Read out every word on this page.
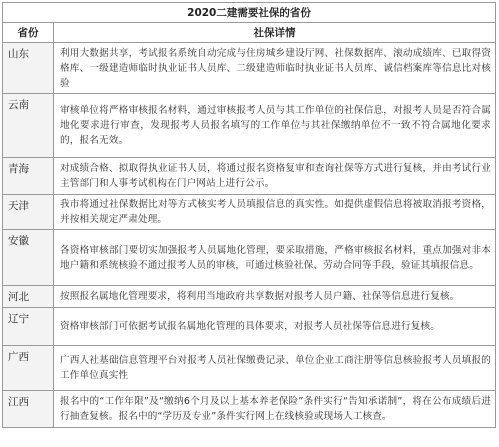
2020二建需要社保的省份	
省份	社保详情
山东	利用大数据共享，考试报名系统自动完成与住房城乡建设厅网、社保数据库、滚动成绩库、已取得资格库、一级建造师临时执业证书人员库、二级建造师临时执业证书人员库、诚信档案库等信息比对核验
云南	审核单位将严格审核报名材料，通过审核报考人员与其工作单位的社保信息，对报考人员是否符合属地化要求进行审查，发现报考人员报名填写的工作单位与其社保缴纳单位不一致不符合属地化要求的，报名无效。
青海	对成绩合格、拟取得执业证书人员，将通过报名资格复审和查询社保等方式进行复核，并由考试行业主管部门和人事考试机构在门户网站上进行公示。
天津	我市将通过社保数据比对等方式核实考人员填报信息的真实性。如提供虚假信息将被取消报考资格，并按相关规定严肃处理。
安徽	各资格审核部门要切实加强报考人员属地化管理，要采取措施，严格审核报名材料，重点加强对非本地户籍和系统核验不通过报考人员的审核，可通过核验社保、劳动合同等手段，验证其填报信息。
河北	按照报名属地化管理要求，将利用当地政府共享数据对报考人员户籍、社保等信息进行复核。
辽宁	资格审核部门可依据考试报名属地化管理的具体要求，对报考人员社保等信息进行复核。
广西	广西人社基础信息管理平台对报考人员社保缴费记录、单位企业工商注册等信息核验报考人员填报的工作单位真实性
江西	报名中的“工作年限”及“缴纳6个月及以上基本养老保险”条件实行“告知承诺制”，将在公布成绩后进行抽查复核。报名中的“学历及专业”条件实行网上在线核验或现场人工核查。
